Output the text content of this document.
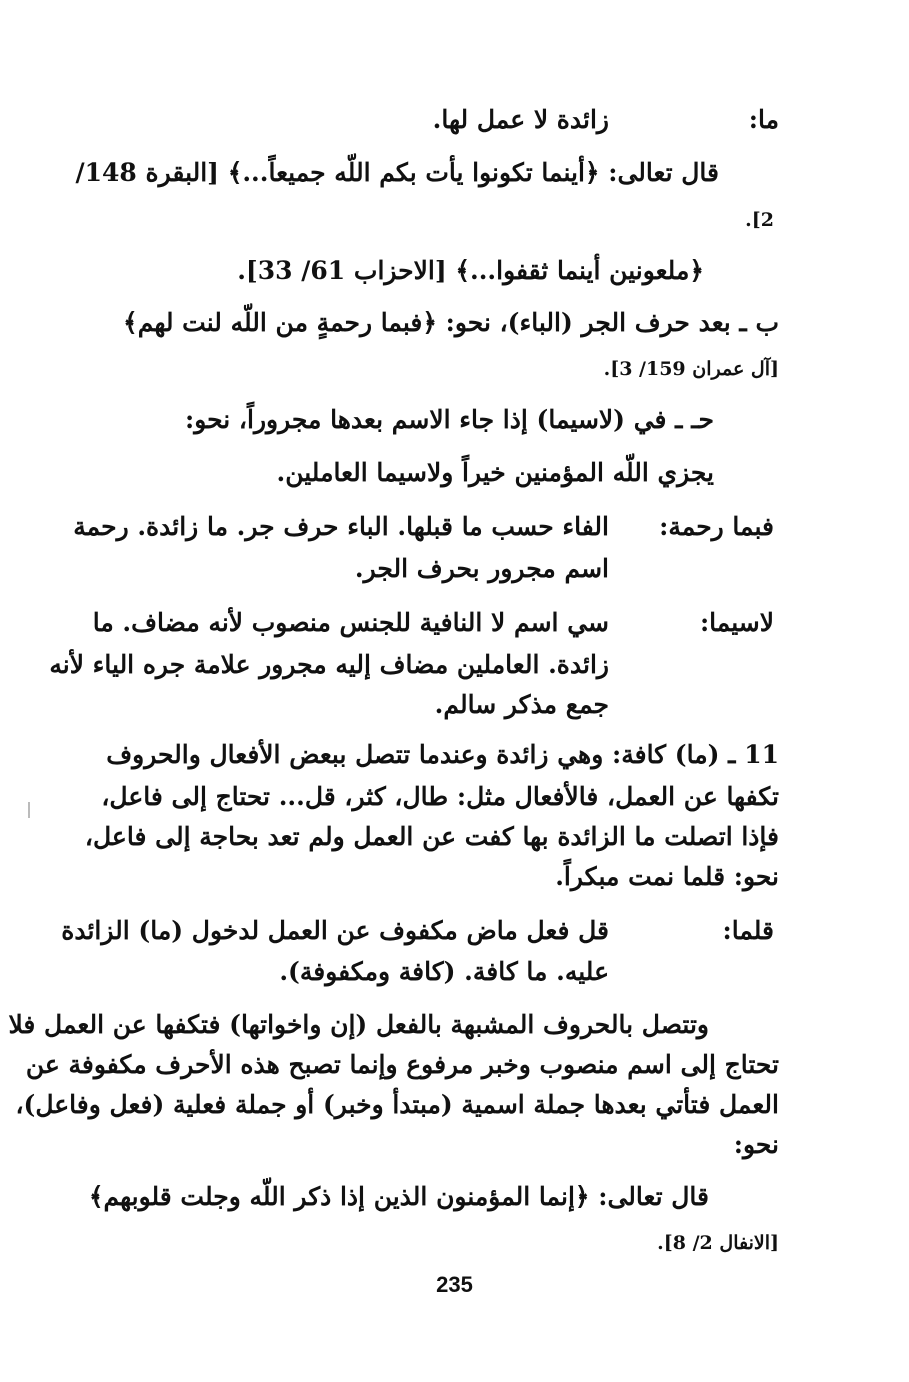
ما:
زائدة لا عمل لها.
قال تعالى: ﴿أينما تكونوا يأت بكم اللّه جميعاً...﴾ [البقرة 148/
2].
﴿ملعونين أينما ثقفوا...﴾ [الاحزاب 61/ 33].
ب ـ بعد حرف الجر (الباء)، نحو: ﴿فبما رحمةٍ من اللّه لنت لهم﴾
[آل عمران 159/ 3].
حـ ـ في (لاسيما) إذا جاء الاسم بعدها مجروراً، نحو:
يجزي اللّه المؤمنين خيراً ولاسيما العاملين.
فبما رحمة:
الفاء حسب ما قبلها. الباء حرف جر. ما زائدة. رحمة
اسم مجرور بحرف الجر.
لاسيما:
سي اسم لا النافية للجنس منصوب لأنه مضاف. ما
زائدة. العاملين مضاف إليه مجرور علامة جره الياء لأنه
جمع مذكر سالم.
11 ـ (ما) كافة: وهي زائدة وعندما تتصل ببعض الأفعال والحروف
تكفها عن العمل، فالأفعال مثل: طال، كثر، قل... تحتاج إلى فاعل،
فإذا اتصلت ما الزائدة بها كفت عن العمل ولم تعد بحاجة إلى فاعل،
نحو: قلما نمت مبكراً.
قلما:
قل فعل ماض مكفوف عن العمل لدخول (ما) الزائدة
عليه. ما كافة. (كافة ومكفوفة).
وتتصل بالحروف المشبهة بالفعل (إن واخواتها) فتكفها عن العمل فلا
تحتاج إلى اسم منصوب وخبر مرفوع وإنما تصبح هذه الأحرف مكفوفة عن
العمل فتأتي بعدها جملة اسمية (مبتدأ وخبر) أو جملة فعلية (فعل وفاعل)،
نحو:
قال تعالى: ﴿إنما المؤمنون الذين إذا ذكر اللّه وجلت قلوبهم﴾
[الانفال 2/ 8].
235
